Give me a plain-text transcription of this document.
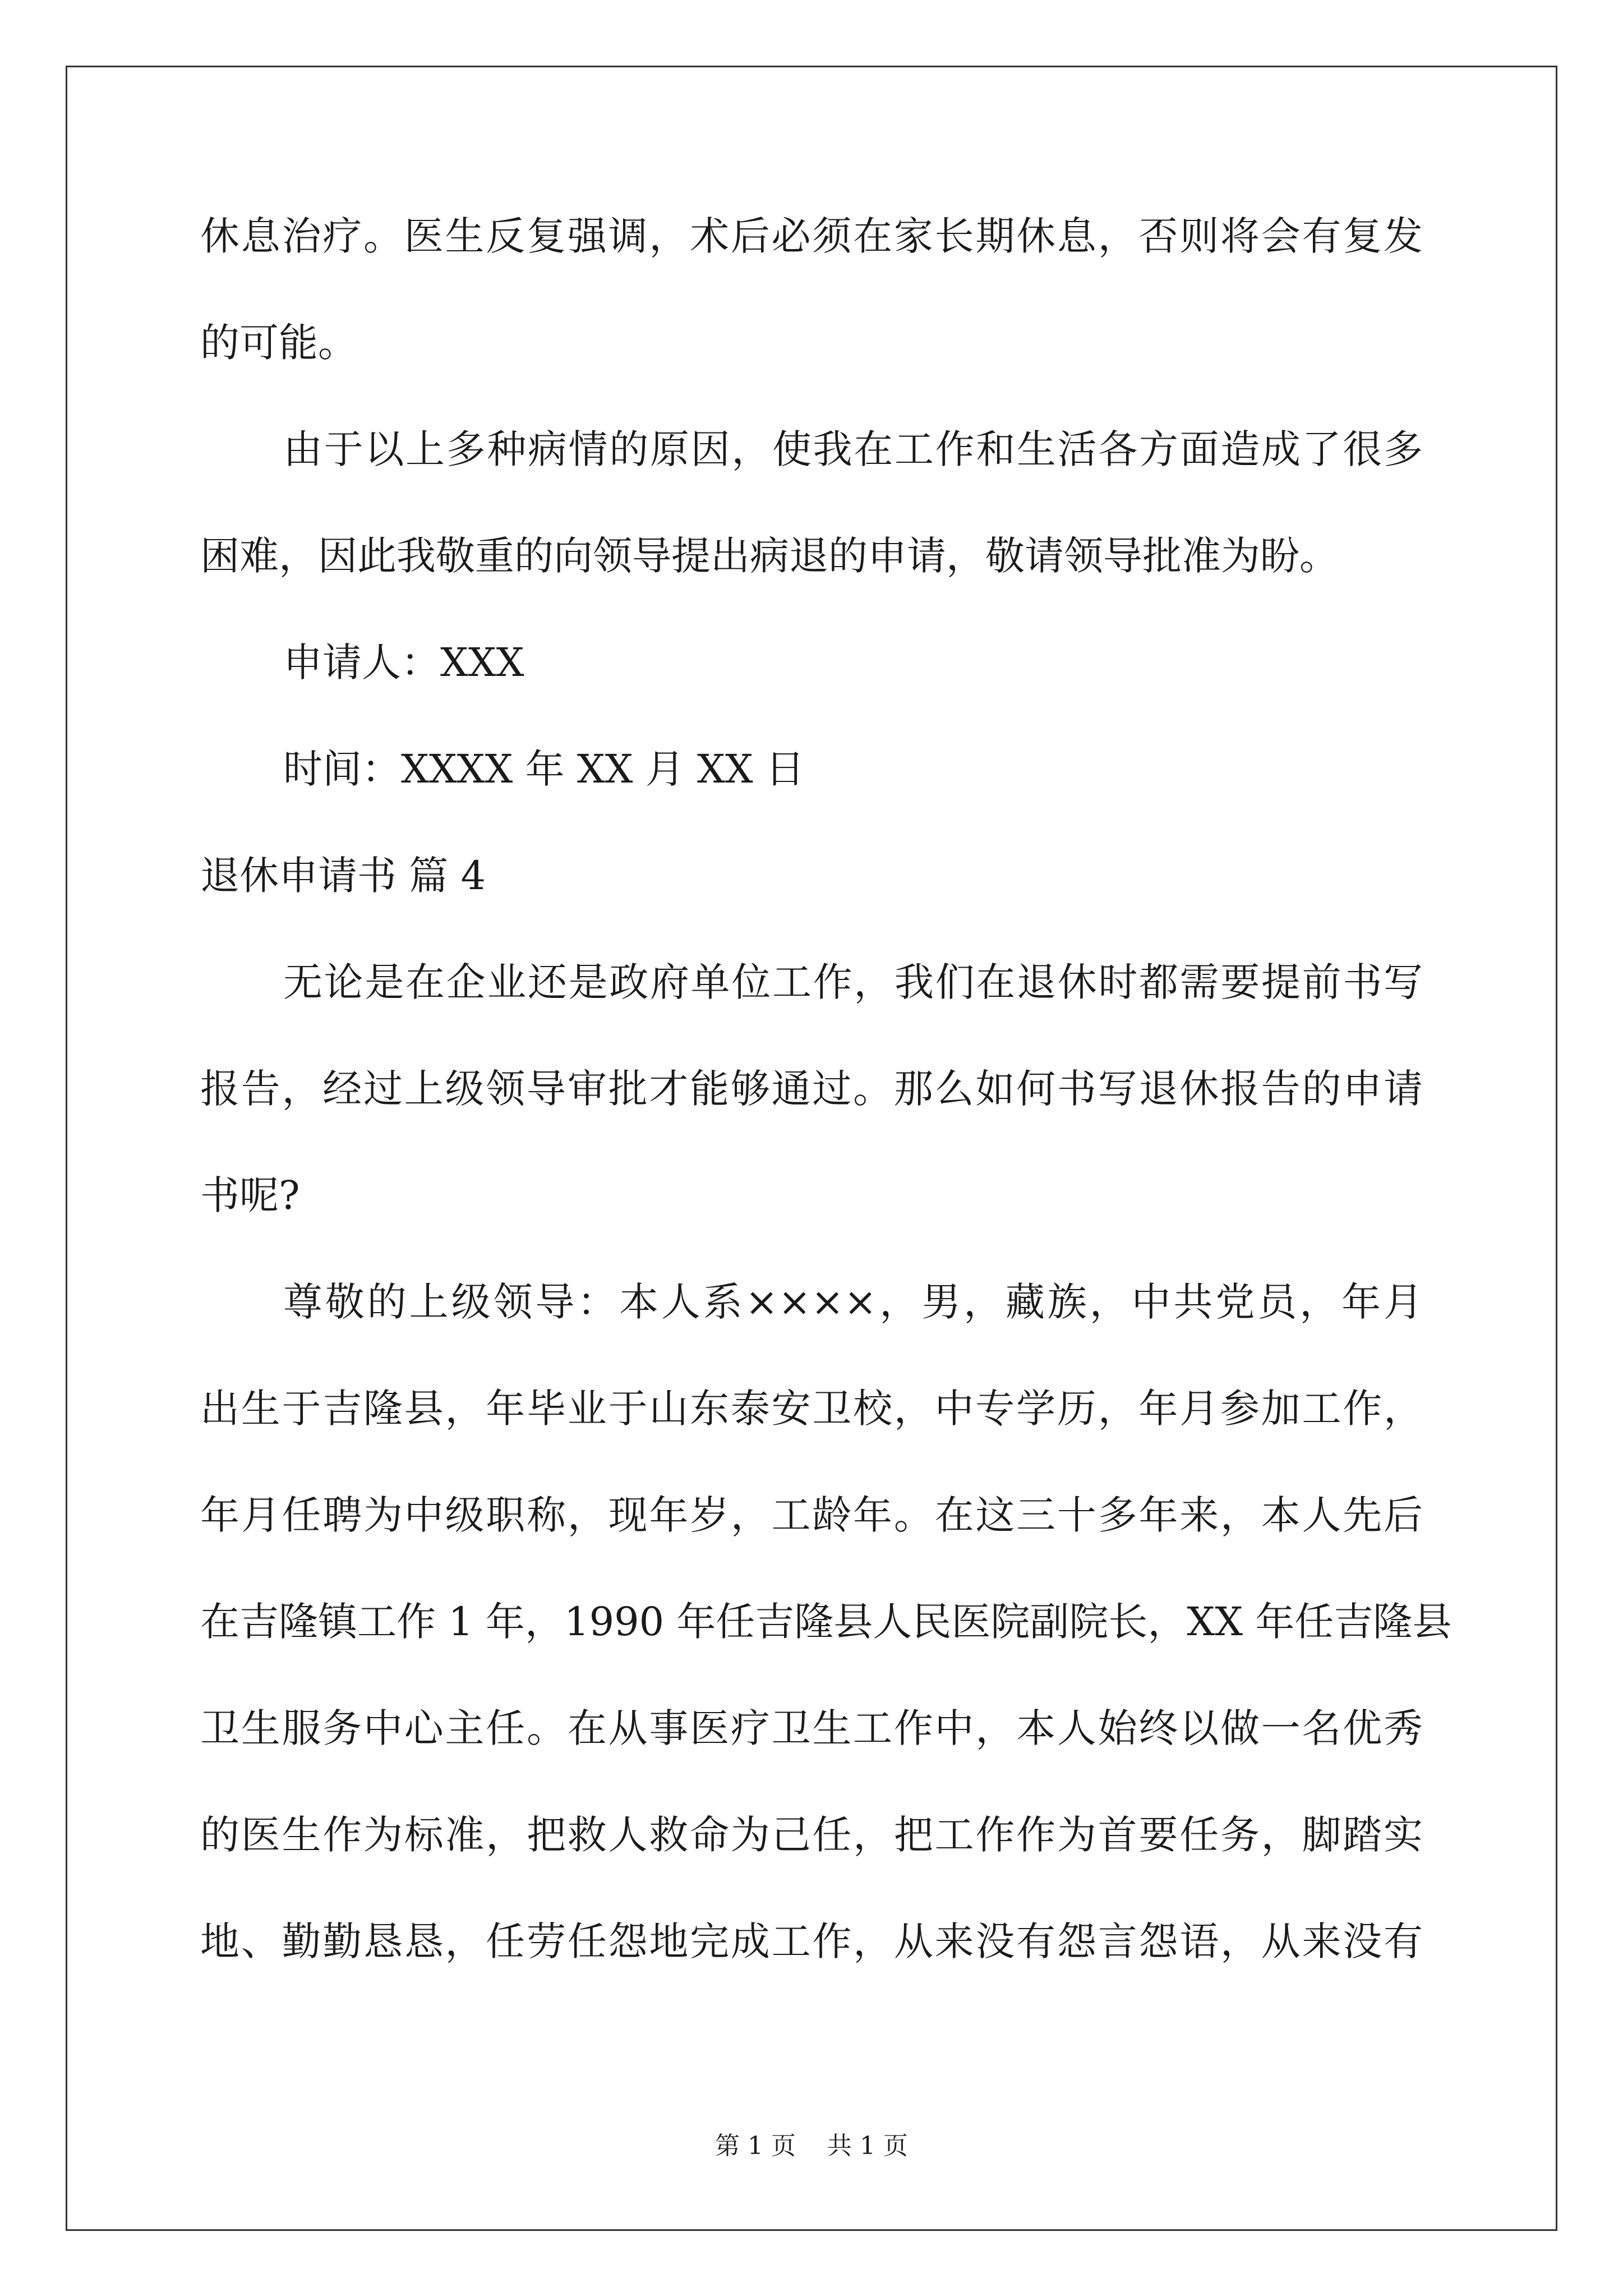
休息治疗。医生反复强调，术后必须在家长期休息，否则将会有复发
的可能。
由于以上多种病情的原因，使我在工作和生活各方面造成了很多
困难，因此我敬重的向领导提出病退的申请，敬请领导批准为盼。
申请人：XXX
时间：XXXX 年 XX 月 XX 日
退休申请书 篇 4
无论是在企业还是政府单位工作，我们在退休时都需要提前书写
报告，经过上级领导审批才能够通过。那么如何书写退休报告的申请
书呢?
尊敬的上级领导：本人系××××，男，藏族，中共党员，年月
出生于吉隆县，年毕业于山东泰安卫校，中专学历，年月参加工作，
年月任聘为中级职称，现年岁，工龄年。在这三十多年来，本人先后
在吉隆镇工作 1 年，1990 年任吉隆县人民医院副院长，XX 年任吉隆县
卫生服务中心主任。在从事医疗卫生工作中，本人始终以做一名优秀
的医生作为标准，把救人救命为己任，把工作作为首要任务，脚踏实
地、勤勤恳恳，任劳任怨地完成工作，从来没有怨言怨语，从来没有
第 1 页    共 1 页
